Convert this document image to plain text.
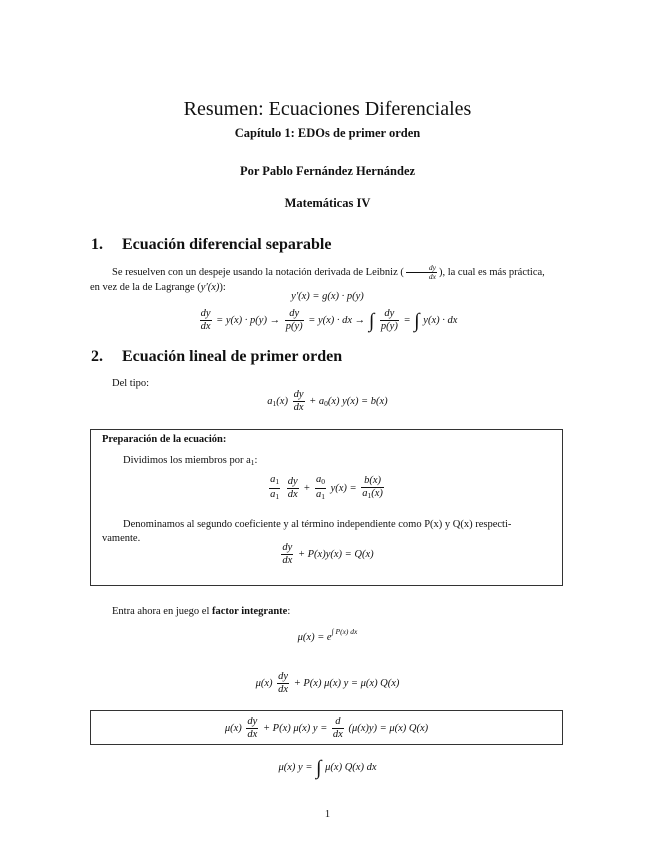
Resumen: Ecuaciones Diferenciales
Capítulo 1: EDOs de primer orden
Por Pablo Fernández Hernández
Matemáticas IV
1. Ecuación diferencial separable
Se resuelven con un despeje usando la notación derivada de Leibniz ( $\frac{dy}{dx}$ ), la cual es más práctica,
en vez de la de Lagrange (y′(x)):
y′(x) = g(x) · p(y)
$\frac{dy}{dx} = y(x) \cdot p(y) \to \frac{dy}{p(y)} = y(x)$ · dx → ∫ $\frac{dy}{p(y)}$ = ∫ y(x) · dx
2. Ecuación lineal de primer orden
Del tipo:
$a_1(x) \frac{dy}{dx} + a_0(x) y(x) = b(x)$
Preparación de la ecuación:
Dividimos los miembros por $a_1$:
$\frac{a_1}{a_1}$
$\frac{dy}{dx} + \frac{a_0}{a_1} y(x) = \frac{b(x)}{a_1(x)}$
Denominamos al segundo coeficiente y al término independiente como P(x) y Q(x) respecti-
vamente.
$\frac{dy}{dx} + P(x)y(x) = Q(x)$
Entra ahora en juego el factor integrante:
$\mu(x) = e^{\int P(x) dx}$
$\mu(x) \frac{dy}{dx} + P(x)$ μ(x) y = μ(x) Q(x)
$\mu(x) \frac{dy}{dx} + P(x)$ μ(x) $y = \frac{d}{dx} (\mu(x)y) = \mu(x)$ Q(x)
μ(x) y = ∫ μ(x) Q(x) dx
1
